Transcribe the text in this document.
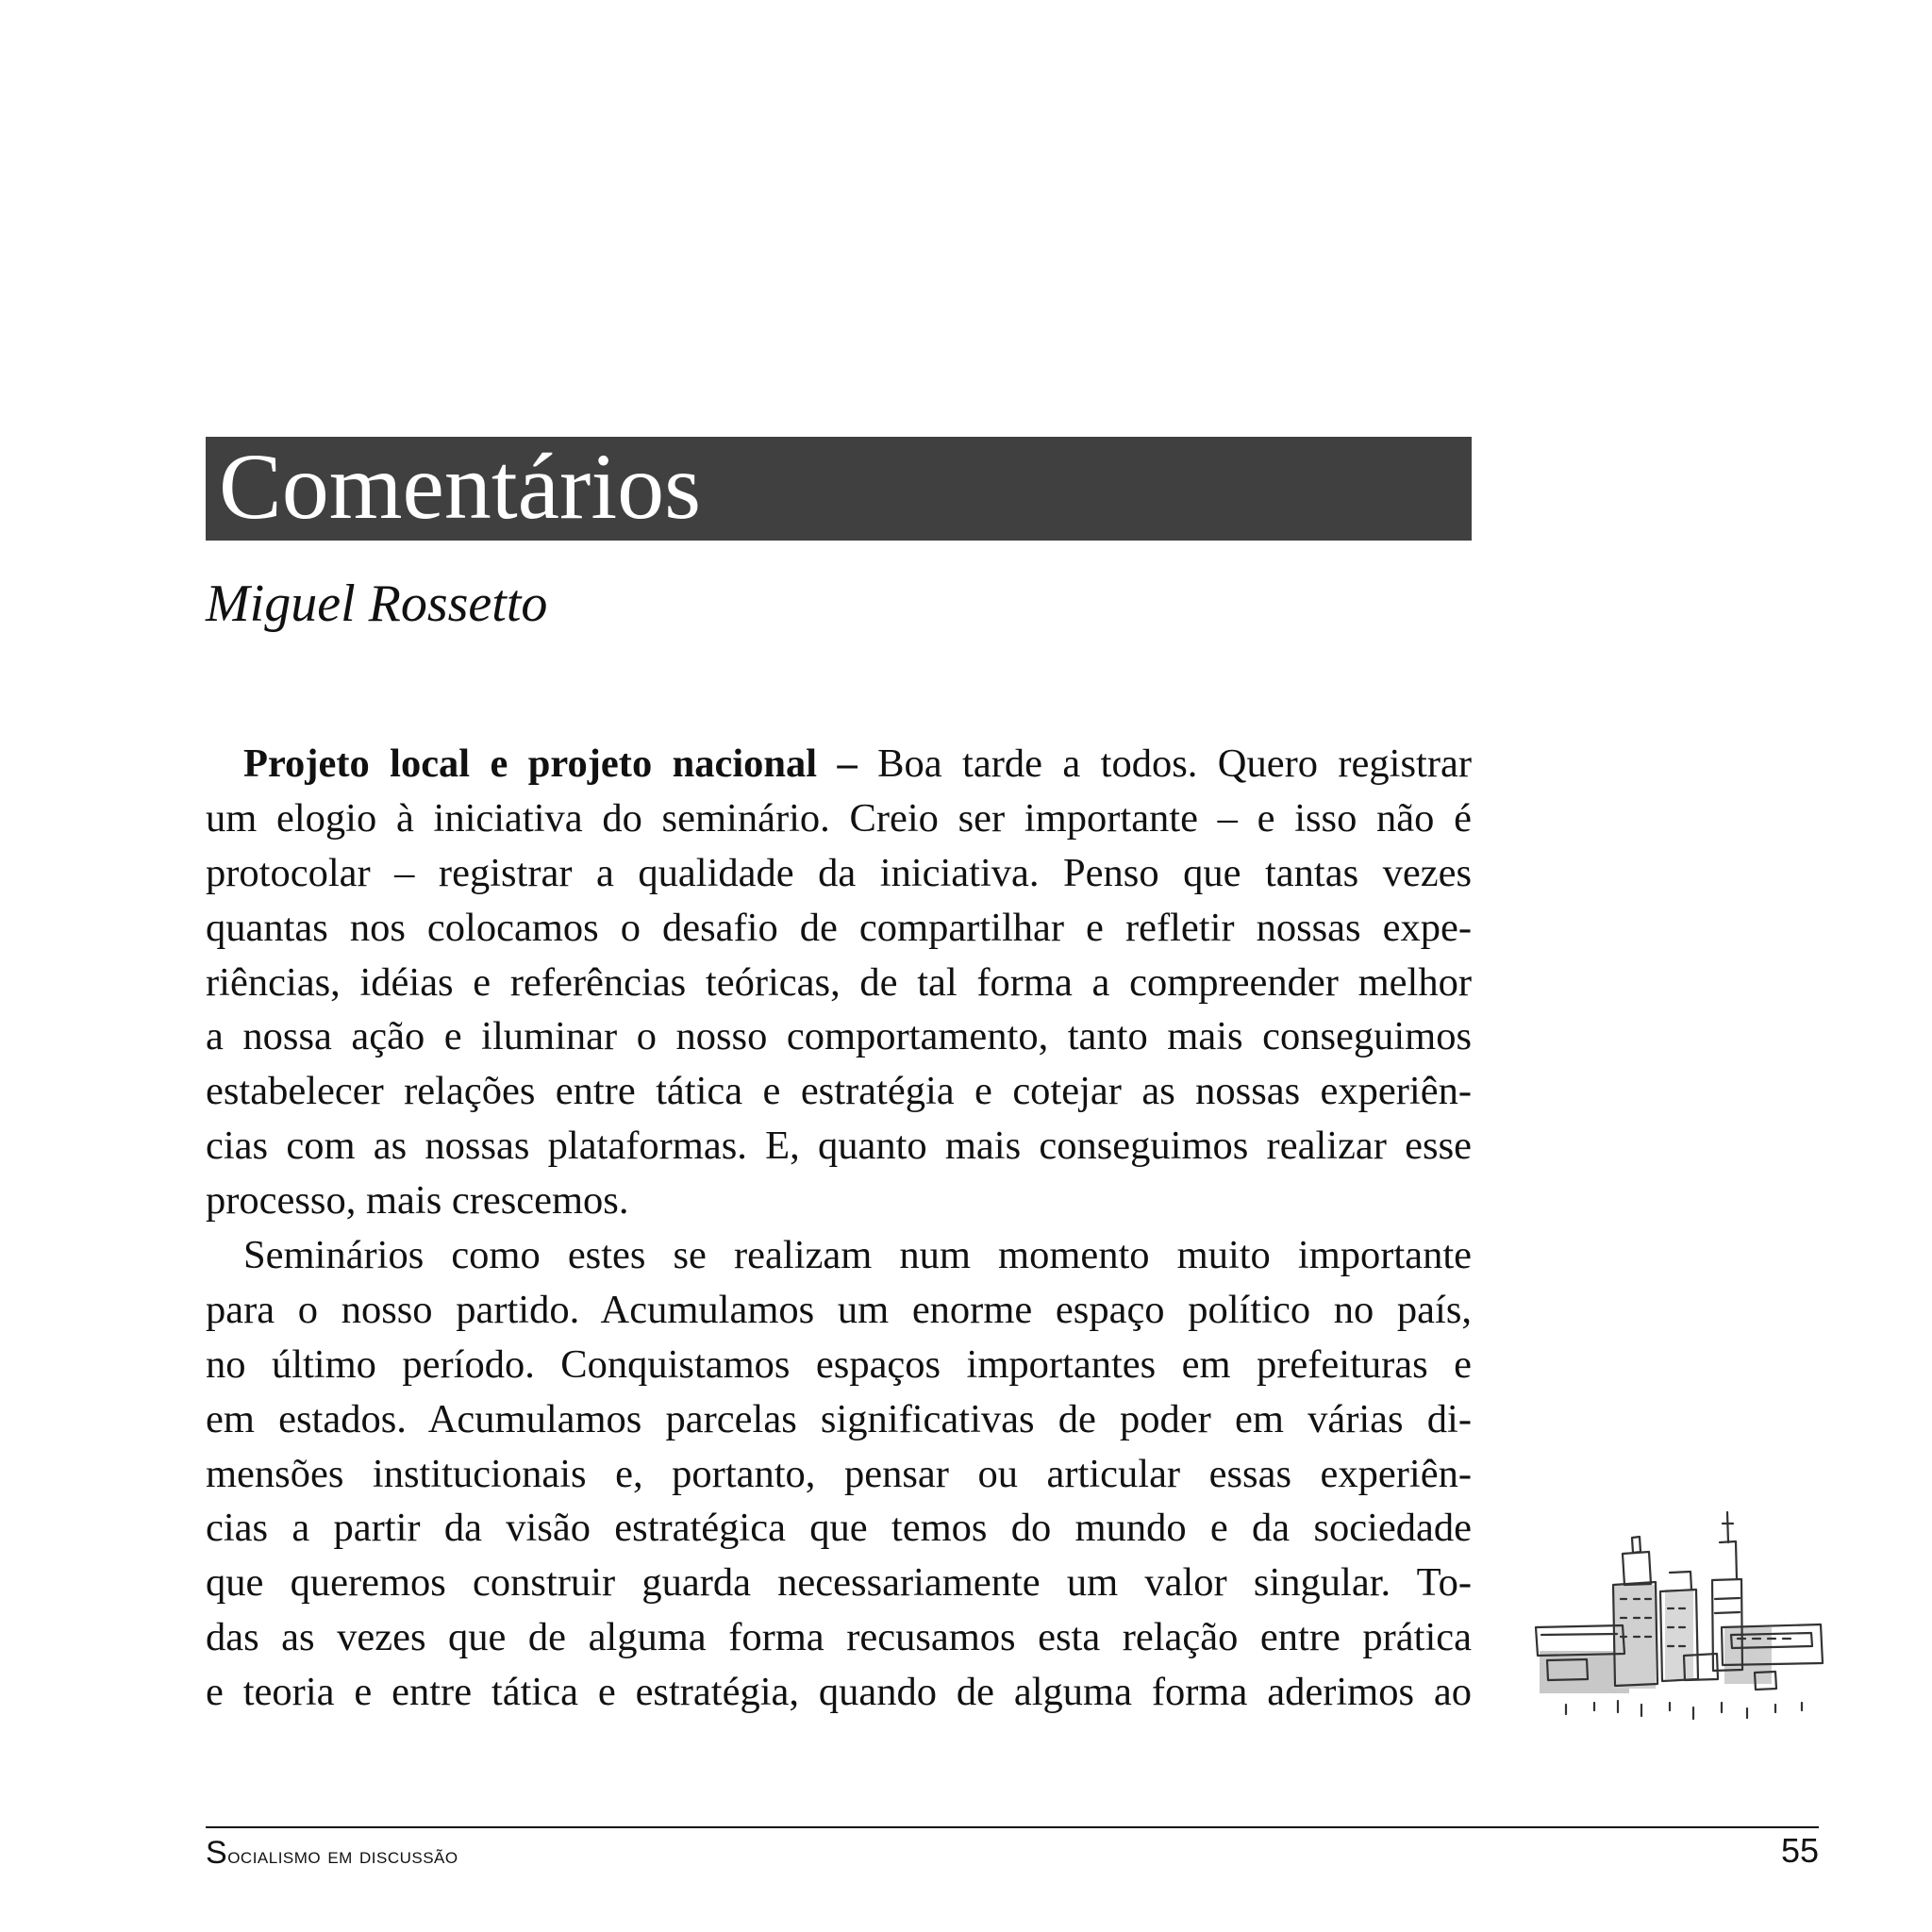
Comentários
Miguel Rossetto
Projeto local e projeto nacional – Boa tarde a todos. Quero registrar
um elogio à iniciativa do seminário. Creio ser importante – e isso não é
protocolar – registrar a qualidade da iniciativa. Penso que tantas vezes
quantas nos colocamos o desafio de compartilhar e refletir nossas expe-
riências, idéias e referências teóricas, de tal forma a compreender melhor
a nossa ação e iluminar o nosso comportamento, tanto mais conseguimos
estabelecer relações entre tática e estratégia e cotejar as nossas experiên-
cias com as nossas plataformas. E, quanto mais conseguimos realizar esse
processo, mais crescemos.
Seminários como estes se realizam num momento muito importante
para o nosso partido. Acumulamos um enorme espaço político no país,
no último período. Conquistamos espaços importantes em prefeituras e
em estados. Acumulamos parcelas significativas de poder em várias di-
mensões institucionais e, portanto, pensar ou articular essas experiên-
cias a partir da visão estratégica que temos do mundo e da sociedade
que queremos construir guarda necessariamente um valor singular. To-
das as vezes que de alguma forma recusamos esta relação entre prática
e teoria e entre tática e estratégia, quando de alguma forma aderimos ao
Socialismo em discussão	55
